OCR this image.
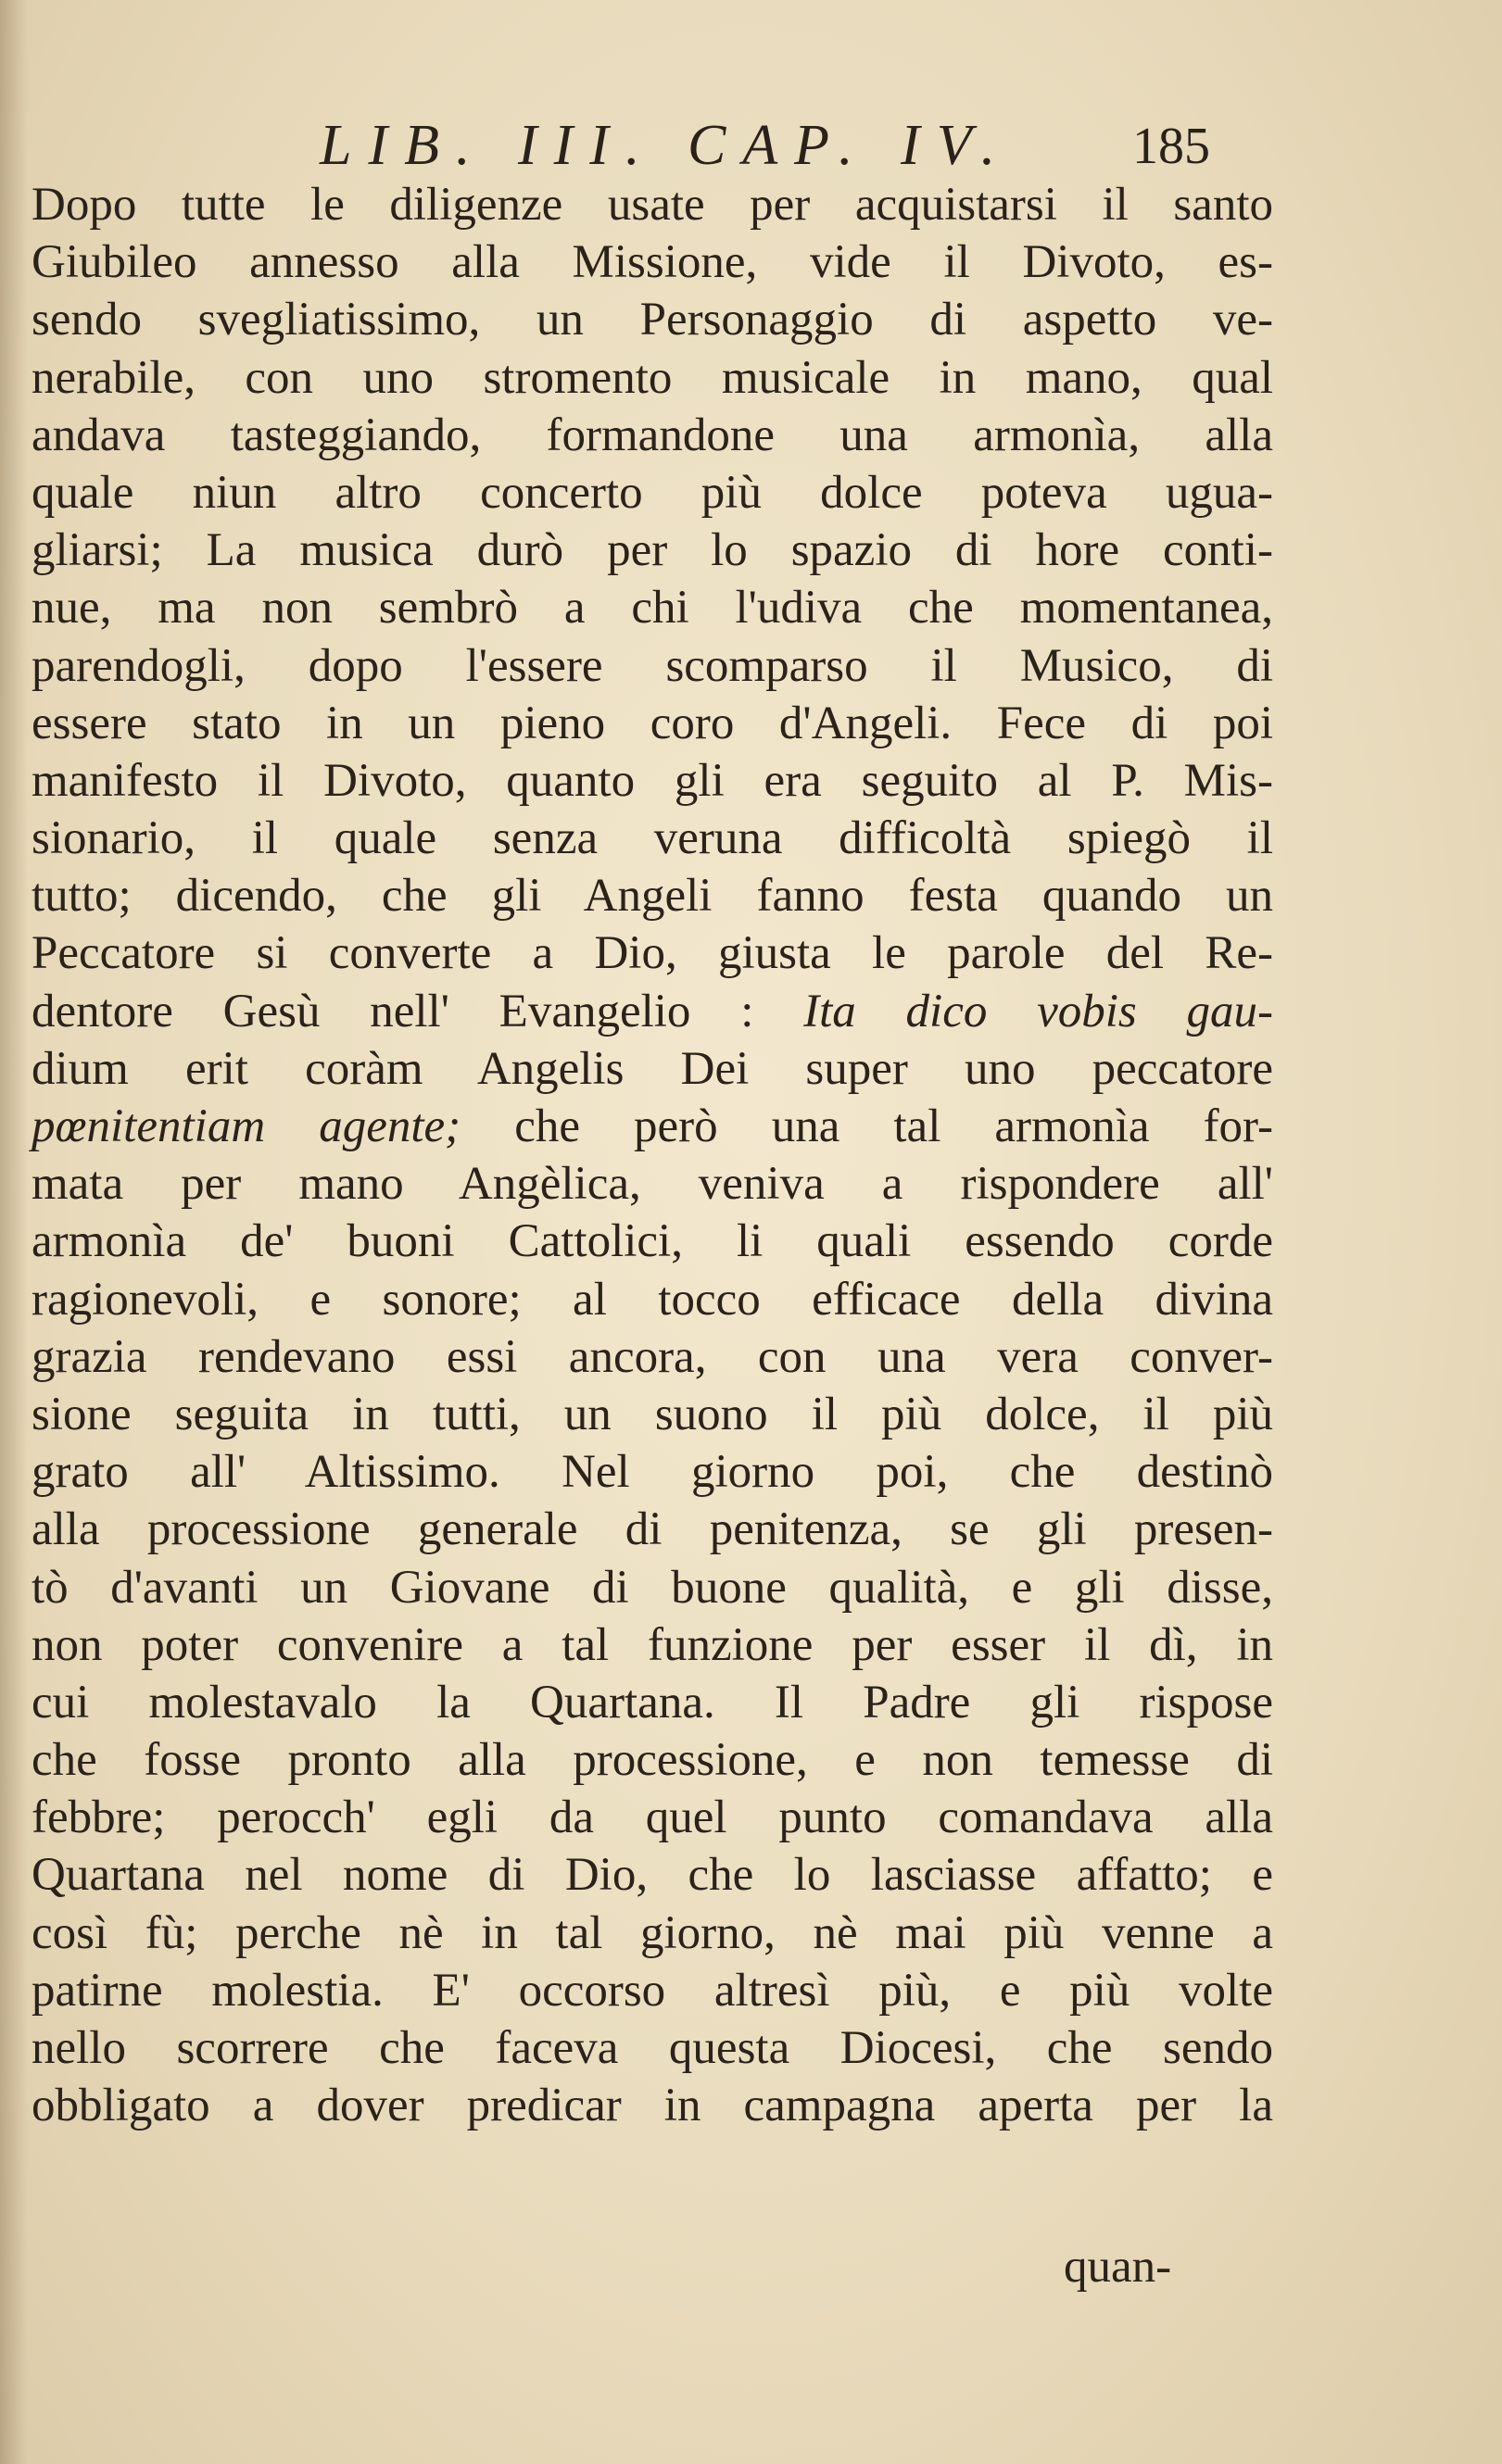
LIB. III. CAP. IV. 185
Dopo tutte le diligenze usate per acquistarsi il santo
Giubileo annesso alla Missione, vide il Divoto, es-
sendo svegliatissimo, un Personaggio di aspetto ve-
nerabile, con uno stromento musicale in mano, qual
andava tasteggiando, formandone una armonìa, alla
quale niun altro concerto più dolce poteva ugua-
gliarsi; La musica durò per lo spazio di hore conti-
nue, ma non sembrò a chi l'udiva che momentanea,
parendogli, dopo l'essere scomparso il Musico, di
essere stato in un pieno coro d'Angeli. Fece di poi
manifesto il Divoto, quanto gli era seguito al P. Mis-
sionario, il quale senza veruna difficoltà spiegò il
tutto; dicendo, che gli Angeli fanno festa quando un
Peccatore si converte a Dio, giusta le parole del Re-
dentore Gesù nell' Evangelio : Ita dico vobis gau-
dium erit coràm Angelis Dei super uno peccatore
pœnitentiam agente; che però una tal armonìa for-
mata per mano Angèlica, veniva a rispondere all'
armonìa de' buoni Cattolici, li quali essendo corde
ragionevoli, e sonore; al tocco efficace della divina
grazia rendevano essi ancora, con una vera conver-
sione seguita in tutti, un suono il più dolce, il più
grato all' Altissimo. Nel giorno poi, che destinò
alla processione generale di penitenza, se gli presen-
tò d'avanti un Giovane di buone qualità, e gli disse,
non poter convenire a tal funzione per esser il dì, in
cui molestavalo la Quartana. Il Padre gli rispose
che fosse pronto alla processione, e non temesse di
febbre; perocch' egli da quel punto comandava alla
Quartana nel nome di Dio, che lo lasciasse affatto; e
così fù; perche nè in tal giorno, nè mai più venne a
patirne molestia. E' occorso altresì più, e più volte
nello scorrere che faceva questa Diocesi, che sendo
obbligato a dover predicar in campagna aperta per la
quan-
